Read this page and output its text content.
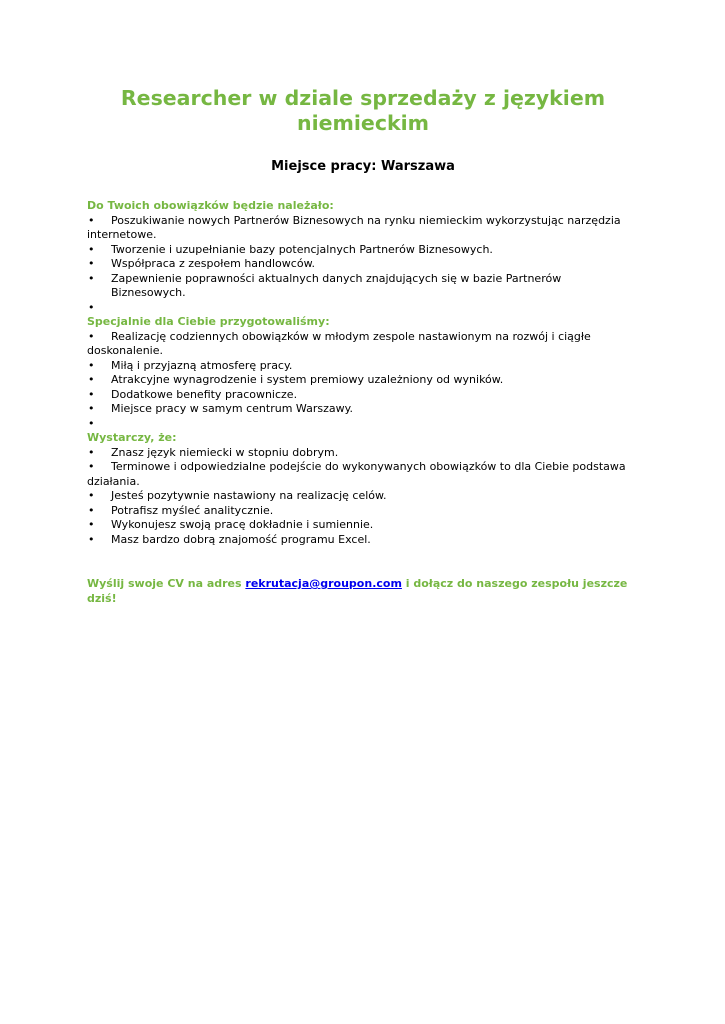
Researcher w dziale sprzedaży z językiem niemieckim
Miejsce pracy: Warszawa

Do Twoich obowiązków będzie należało:

• Poszukiwanie nowych Partnerów Biznesowych na rynku niemieckim wykorzystując narzędzia internetowe.
• Tworzenie i uzupełnianie bazy potencjalnych Partnerów Biznesowych.
• Współpraca z zespołem handlowców.
• Zapewnienie poprawności aktualnych danych znajdujących się w bazie Partnerów Biznesowych.
•

Specjalnie dla Ciebie przygotowaliśmy:

• Realizację codziennych obowiązków w młodym zespole nastawionym na rozwój i ciągłe doskonalenie.
• Miłą i przyjazną atmosferę pracy.
• Atrakcyjne wynagrodzenie i system premiowy uzależniony od wyników.
• Dodatkowe benefity pracownicze.
• Miejsce pracy w samym centrum Warszawy.
•

Wystarczy, że:

• Znasz język niemiecki w stopniu dobrym.
• Terminowe i odpowiedzialne podejście do wykonywanych obowiązków to dla Ciebie podstawa działania.
• Jesteś pozytywnie nastawiony na realizację celów.
• Potrafisz myśleć analitycznie.
• Wykonujesz swoją pracę dokładnie i sumiennie.
• Masz bardzo dobrą znajomość programu Excel.

Wyślij swoje CV na adres rekrutacja@groupon.com i dołącz do naszego zespołu jeszcze dziś!
